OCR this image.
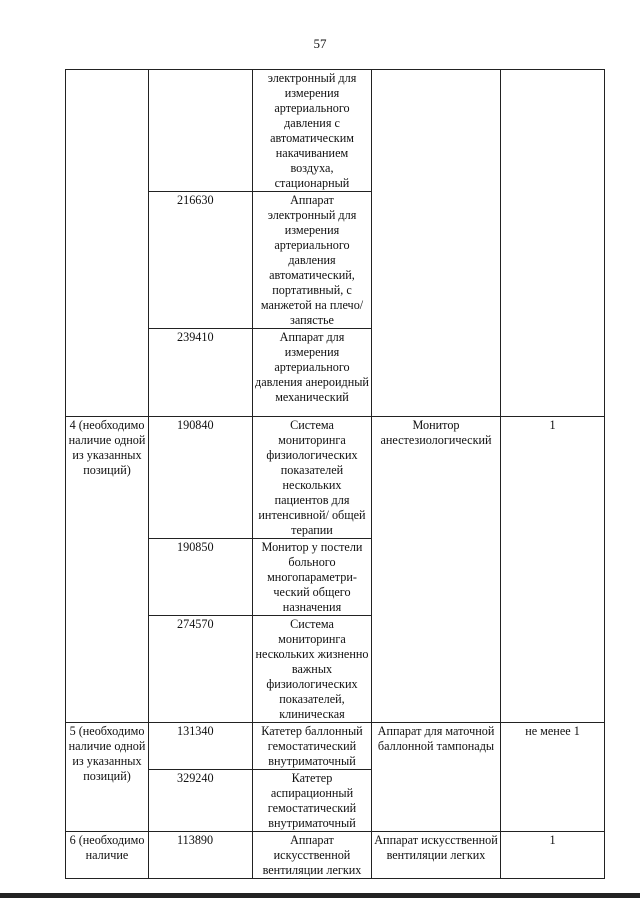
57
		электронный для измерения артериального давления с автоматическим накачиванием воздуха, стационарный		
	216630	Аппарат электронный для измерения артериального давления автоматический, портативный, с манжетой на плечо/запястье		
	239410	Аппарат для измерения артериального давления анероидный механический		
4 (необходимо наличие одной из указанных позиций)	190840	Система мониторинга физиологических показателей нескольких пациентов для интенсивной/ общей терапии	Монитор анестезиологический	1
	190850	Монитор у постели больного многопараметри-ческий общего назначения		
	274570	Система мониторинга нескольких жизненно важных физиологических показателей, клиническая		
5 (необходимо наличие одной из указанных позиций)	131340	Катетер баллонный гемостатический внутриматочный	Аппарат для маточной баллонной тампонады	не менее 1
	329240	Катетер аспирационный гемостатический внутриматочный		
6 (необходимо наличие	113890	Аппарат искусственной вентиляции легких	Аппарат искусственной вентиляции легких	1
